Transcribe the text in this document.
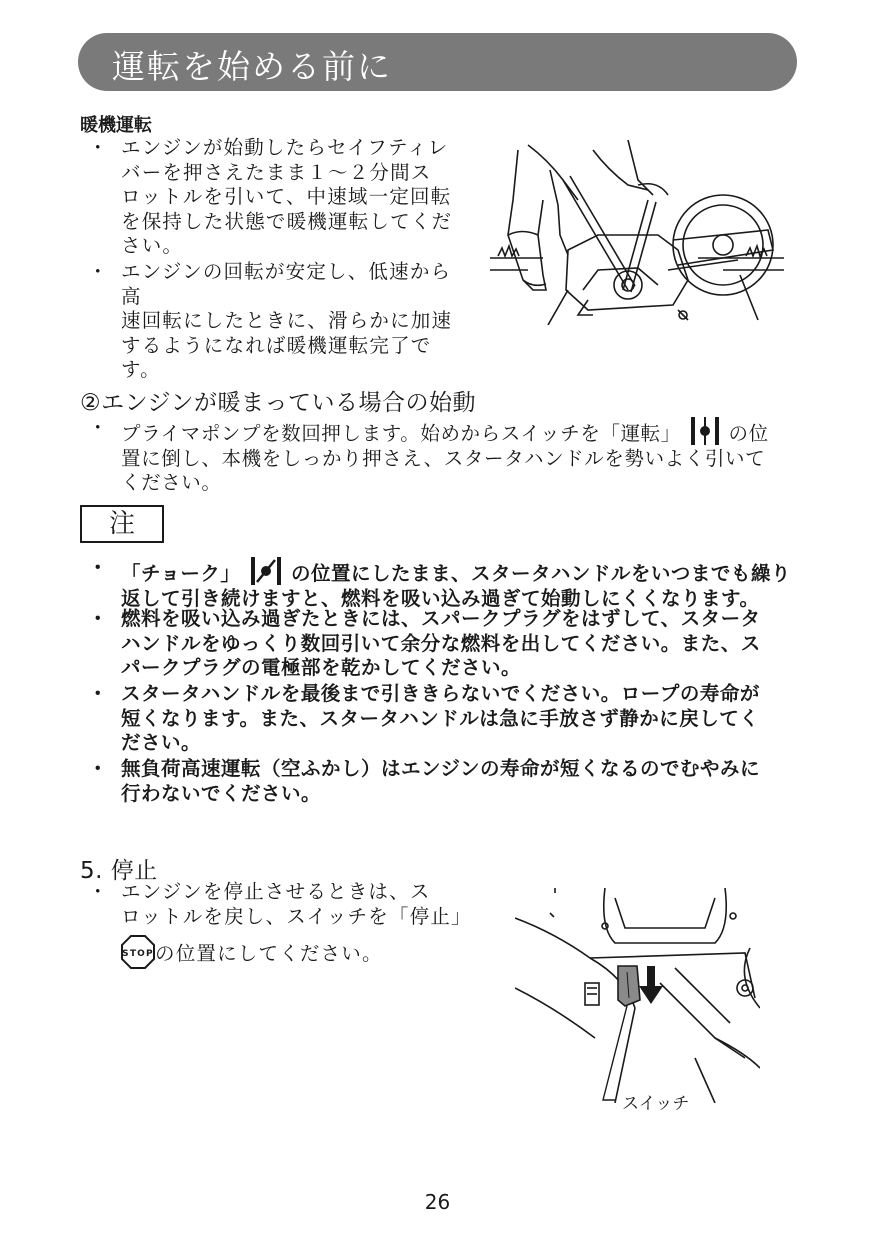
運転を始める前に
暖機運転
・ エンジンが始動したらセイフティレ
バーを押さえたまま１～２分間ス
ロットルを引いて、中速域一定回転
を保持した状態で暖機運転してくだ
さい。
・ エンジンの回転が安定し、低速から高
速回転にしたときに、滑らかに加速
するようになれば暖機運転完了です。
②エンジンが暖まっている場合の始動
・ プライマポンプを数回押します。始めからスイッチを「運転」 の位
置に倒し、本機をしっかり押さえ、スタータハンドルを勢いよく引いて
ください。
注
・ 「チョーク」	の位置にしたまま、スタータハンドルをいつまでも繰り
返して引き続けますと、燃料を吸い込み過ぎて始動しにくくなります。
・ 燃料を吸い込み過ぎたときには、スパークプラグをはずして、スタータ
ハンドルをゆっくり数回引いて余分な燃料を出してください。また、ス
パークプラグの電極部を乾かしてください。
・ スタータハンドルを最後まで引ききらないでください。ロープの寿命が
短くなります。また、スタータハンドルは急に手放さず静かに戻してく
ださい。
・ 無負荷高速運転（空ふかし）はエンジンの寿命が短くなるのでむやみに
行わないでください。
5. 停止
・ エンジンを停止させるときは、ス
ロットルを戻し、スイッチを「停止」
STOP の位置にしてください。
スイッチ
26
